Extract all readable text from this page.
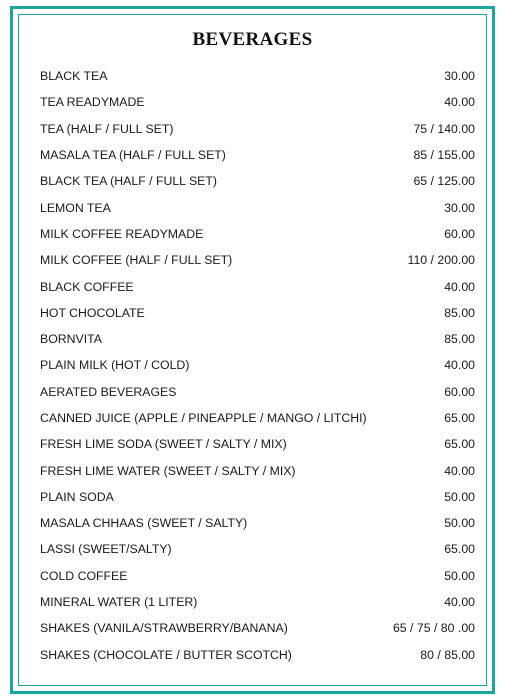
BEVERAGES
BLACK TEA	30.00
TEA READYMADE	40.00
TEA (HALF / FULL SET)	75 / 140.00
MASALA TEA (HALF / FULL SET)	85 / 155.00
BLACK TEA (HALF / FULL SET)	65 / 125.00
LEMON TEA	30.00
MILK COFFEE READYMADE	60.00
MILK COFFEE (HALF / FULL SET)	110 / 200.00
BLACK COFFEE	40.00
HOT CHOCOLATE	85.00
BORNVITA	85.00
PLAIN MILK (HOT / COLD)	40.00
AERATED BEVERAGES	60.00
CANNED JUICE (APPLE / PINEAPPLE / MANGO / LITCHI)	65.00
FRESH LIME SODA (SWEET / SALTY / MIX)	65.00
FRESH LIME WATER (SWEET / SALTY / MIX)	40.00
PLAIN SODA	50.00
MASALA CHHAAS (SWEET / SALTY)	50.00
LASSI (SWEET/SALTY)	65.00
COLD COFFEE	50.00
MINERAL WATER (1 LITER)	40.00
SHAKES (VANILA/STRAWBERRY/BANANA)	65 / 75 / 80 .00
SHAKES (CHOCOLATE / BUTTER SCOTCH)	80 / 85.00
